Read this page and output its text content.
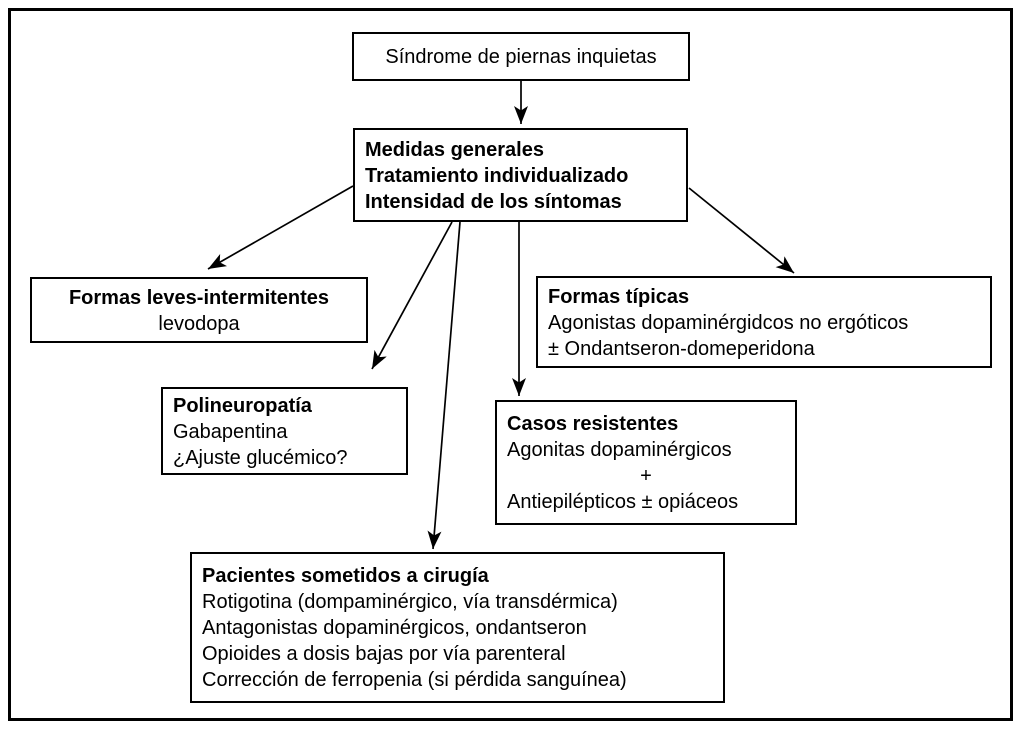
Síndrome de piernas inquietas
Medidas generales
Tratamiento individualizado
Intensidad de los síntomas
Formas leves-intermitentes
levodopa
Polineuropatía
Gabapentina
¿Ajuste glucémico?
Formas típicas
Agonistas dopaminérgidcos no ergóticos
± Ondantseron-domeperidona
Casos resistentes
Agonitas dopaminérgicos
+
Antiepilépticos ± opiáceos
Pacientes sometidos a cirugía
Rotigotina (dompaminérgico, vía transdérmica)
Antagonistas dopaminérgicos, ondantseron
Opioides a dosis bajas por vía parenteral
Corrección de ferropenia (si pérdida sanguínea)
